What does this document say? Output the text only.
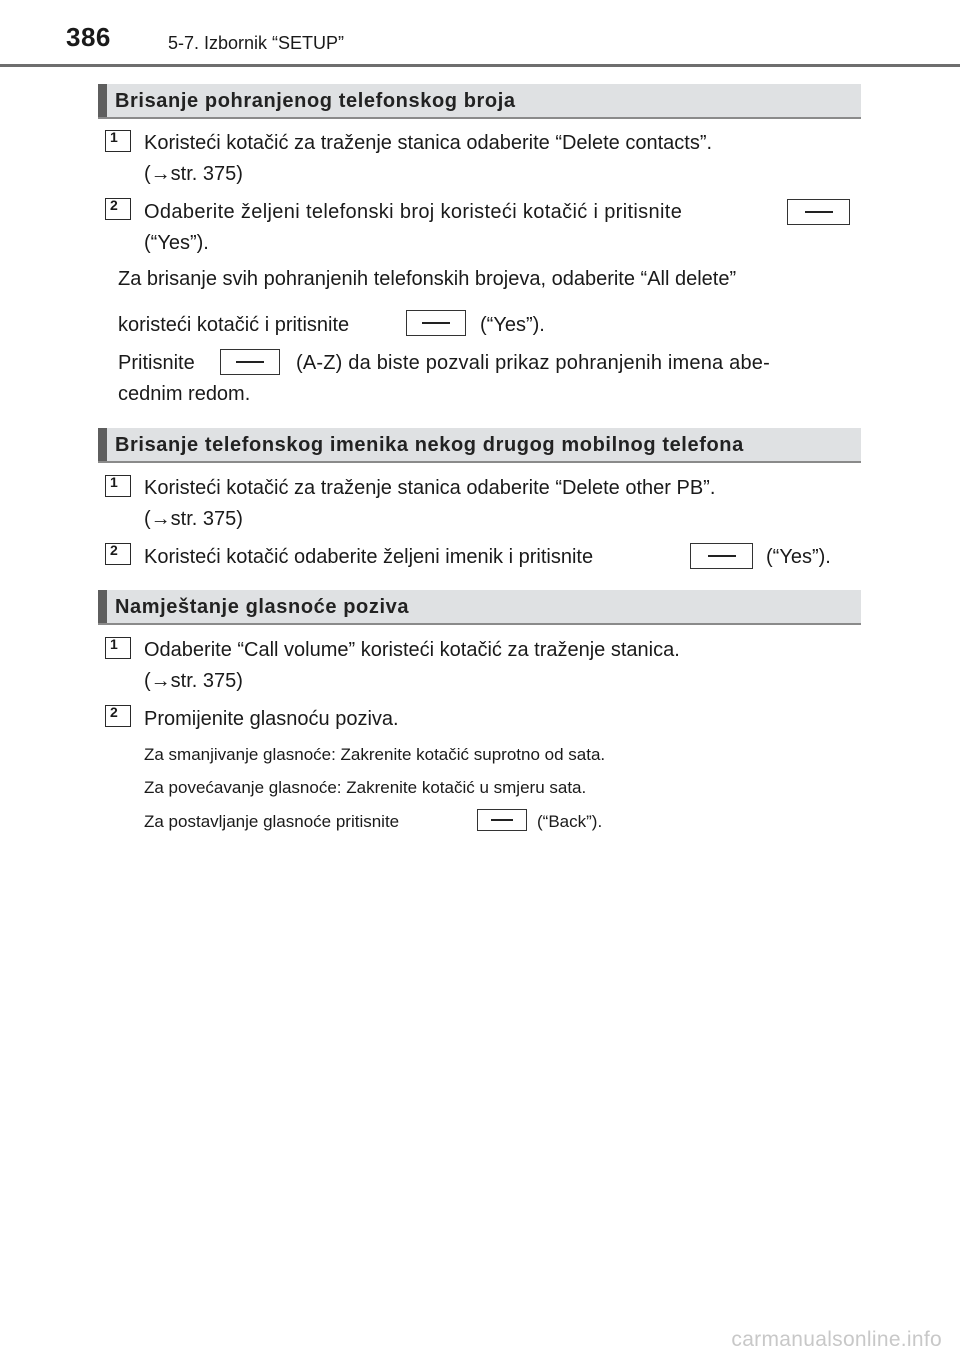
386	5-7. Izbornik “SETUP”
Brisanje pohranjenog telefonskog broja
1 Koristeći kotačić za traženje stanica odaberite “Delete contacts”.
(→str. 375)
2 Odaberite željeni telefonski broj koristeći kotačić i pritisnite
(“Yes”).
Za brisanje svih pohranjenih telefonskih brojeva, odaberite “All delete”
koristeći kotačić i pritisnite	(“Yes”).
Pritisnite	(A-Z) da biste pozvali prikaz pohranjenih imena abe-
cednim redom.
Brisanje telefonskog imenika nekog drugog mobilnog telefona
1 Koristeći kotačić za traženje stanica odaberite “Delete other PB”.
(→str. 375)
2 Koristeći kotačić odaberite željeni imenik i pritisnite	(“Yes”).
Namještanje glasnoće poziva
1 Odaberite “Call volume” koristeći kotačić za traženje stanica.
(→str. 375)
2 Promijenite glasnoću poziva.
Za smanjivanje glasnoće: Zakrenite kotačić suprotno od sata.
Za povećavanje glasnoće: Zakrenite kotačić u smjeru sata.
Za postavljanje glasnoće pritisnite	(“Back”).
carmanualsonline.info
